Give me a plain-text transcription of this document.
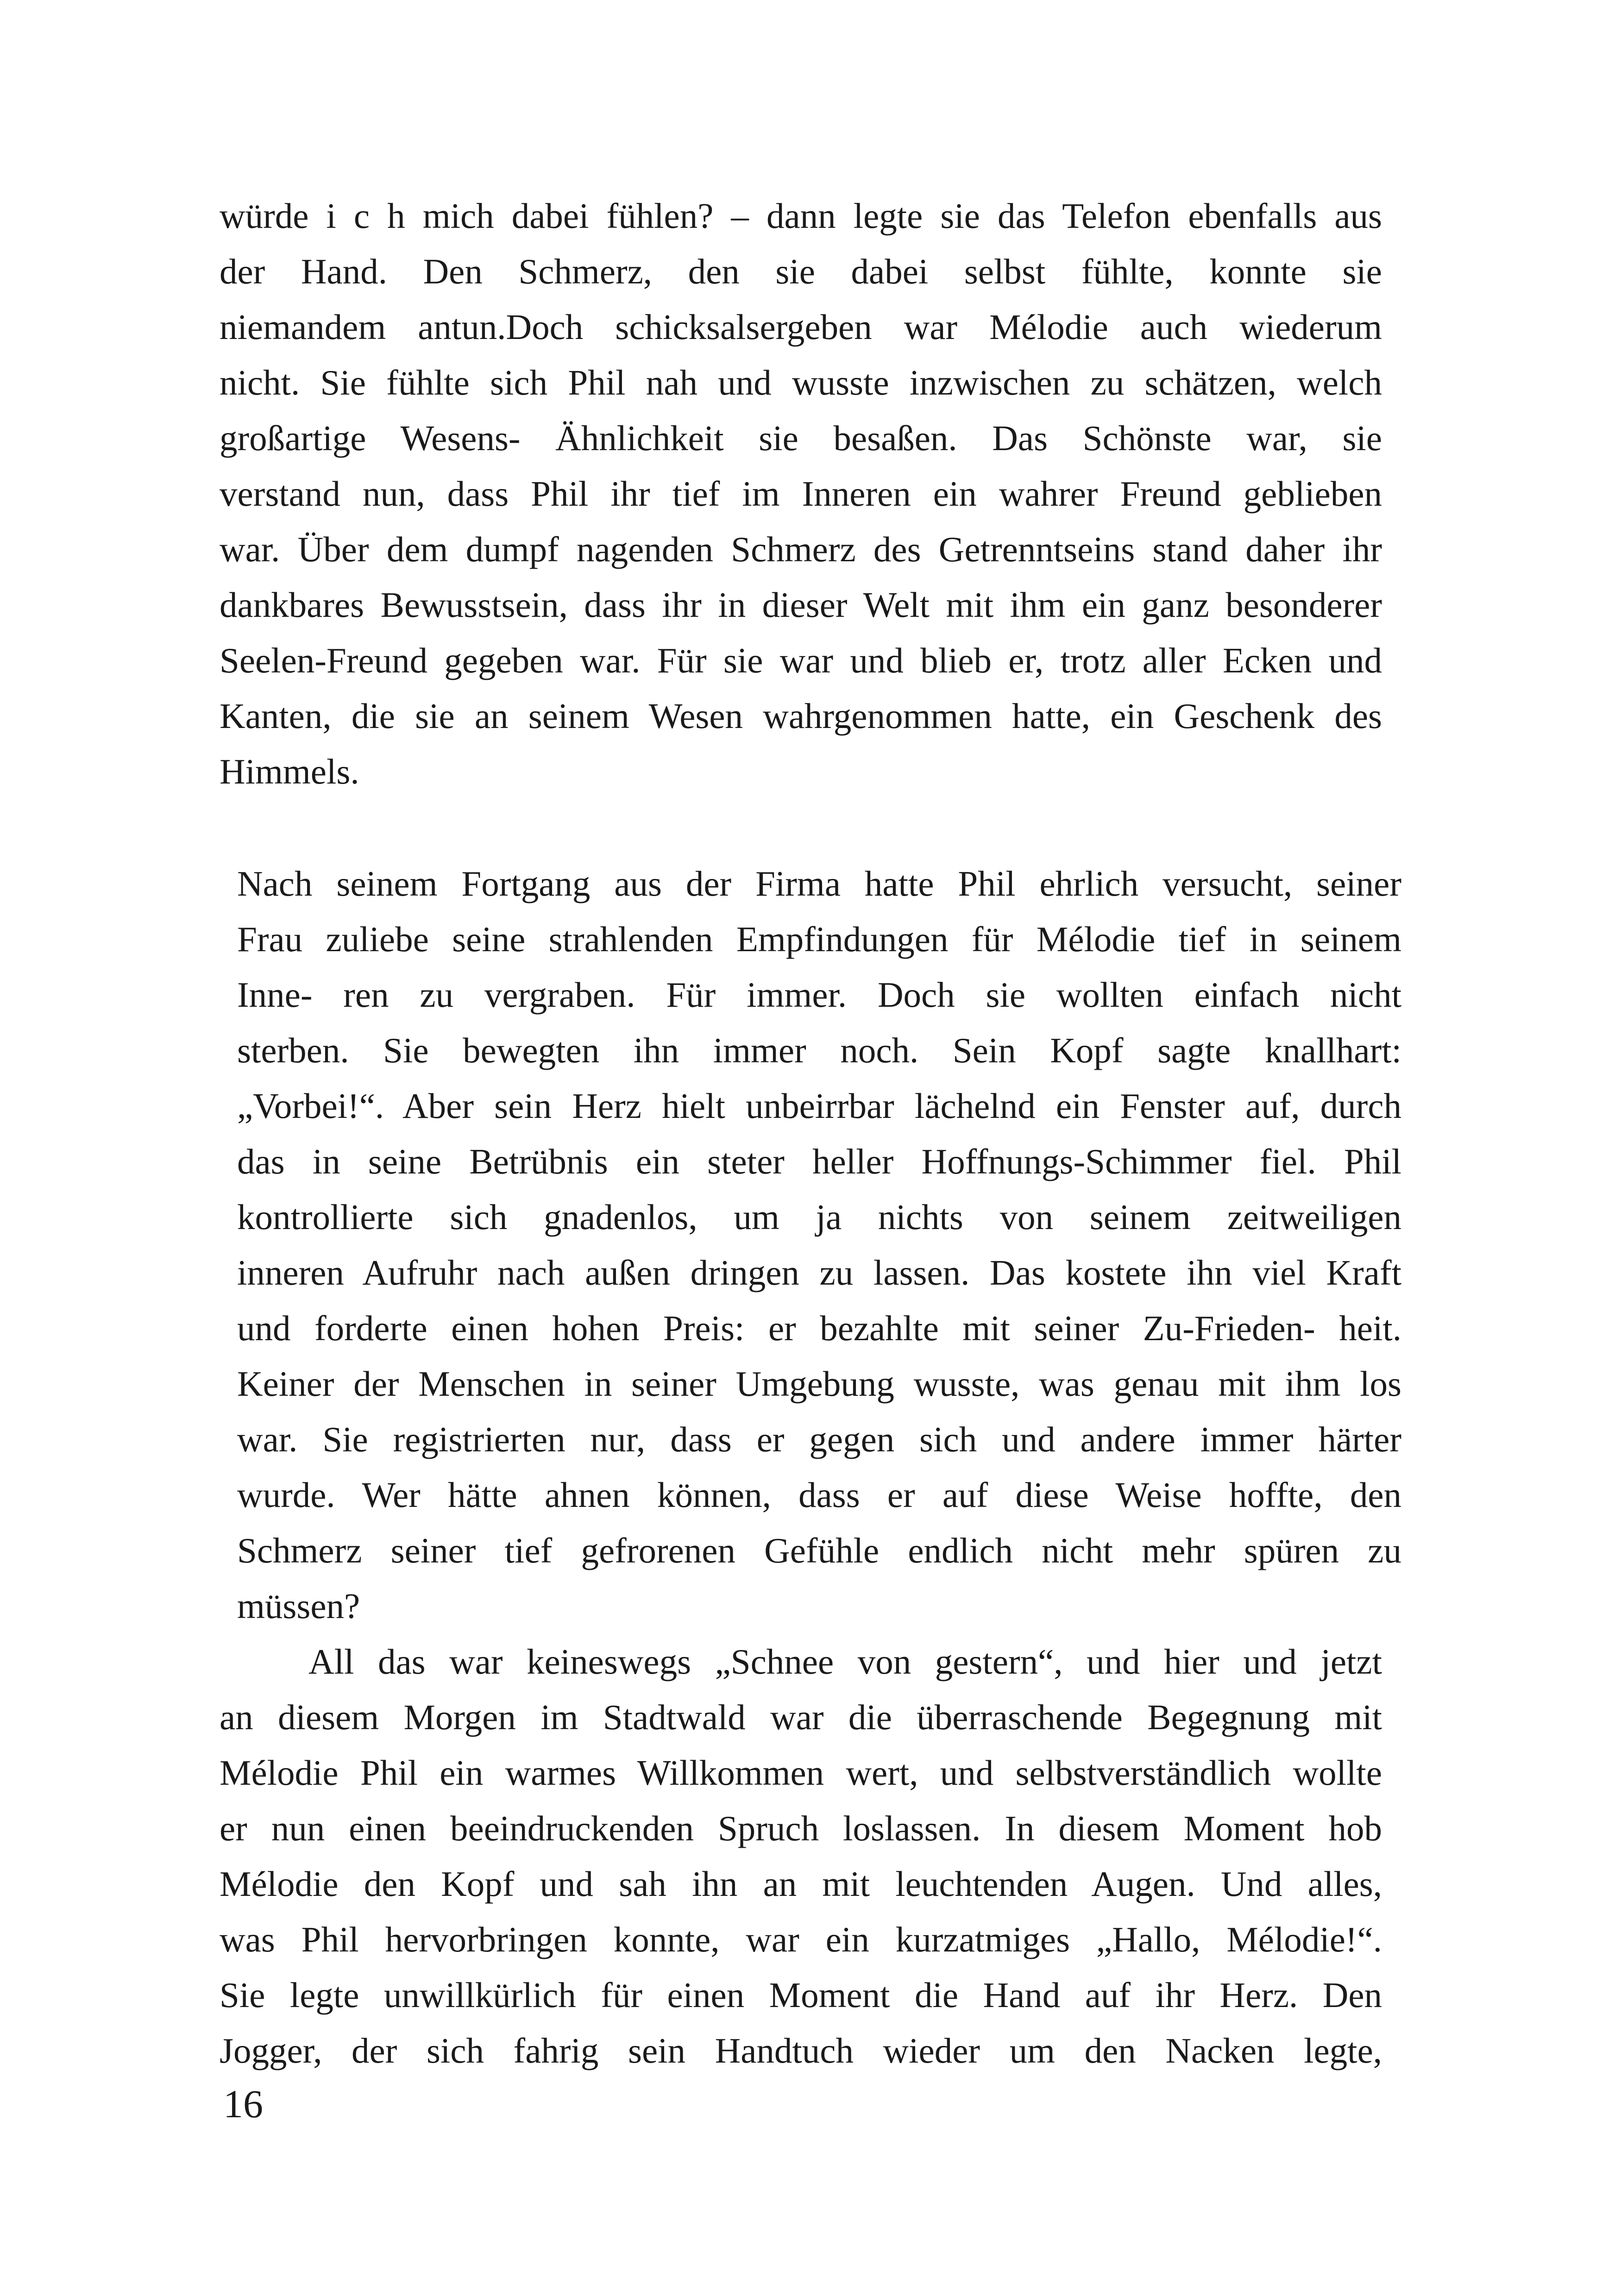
würde i c h mich dabei fühlen? – dann legte sie das Telefon ebenfalls aus

der Hand. Den Schmerz, den sie dabei selbst fühlte, konnte sie

niemandem antun.Doch schicksalsergeben war Mélodie auch wiederum

nicht. Sie fühlte sich Phil nah und wusste inzwischen zu schätzen, welch

großartige Wesens- Ähnlichkeit sie besaßen. Das Schönste war, sie

verstand nun, dass Phil ihr tief im Inneren ein wahrer Freund geblieben

war. Über dem dumpf nagenden Schmerz des Getrenntseins stand daher ihr

dankbares Bewusstsein, dass ihr in dieser Welt mit ihm ein ganz besonderer

Seelen-Freund gegeben war. Für sie war und blieb er, trotz aller Ecken und

Kanten, die sie an seinem Wesen wahrgenommen hatte, ein Geschenk des

Himmels.

Nach seinem Fortgang aus der Firma hatte Phil ehrlich versucht, seiner

Frau zuliebe seine strahlenden Empfindungen für Mélodie tief in seinem

Inne- ren zu vergraben. Für immer. Doch sie wollten einfach nicht

sterben. Sie bewegten ihn immer noch. Sein Kopf sagte knallhart:

„Vorbei!“. Aber sein Herz hielt unbeirrbar lächelnd ein Fenster auf, durch

das in seine Betrübnis ein steter heller Hoffnungs-Schimmer fiel. Phil

kontrollierte sich gnadenlos, um ja nichts von seinem zeitweiligen

inneren Aufruhr nach außen dringen zu lassen. Das kostete ihn viel Kraft

und forderte einen hohen Preis: er bezahlte mit seiner Zu-Frieden- heit.

Keiner der Menschen in seiner Umgebung wusste, was genau mit ihm los

war. Sie registrierten nur, dass er gegen sich und andere immer härter

wurde. Wer hätte ahnen können, dass er auf diese Weise hoffte, den

Schmerz seiner tief gefrorenen Gefühle endlich nicht mehr spüren zu

müssen?

All das war keineswegs „Schnee von gestern“, und hier und jetzt

an diesem Morgen im Stadtwald war die überraschende Begegnung mit

Mélodie Phil ein warmes Willkommen wert, und selbstverständlich wollte

er nun einen beeindruckenden Spruch loslassen. In diesem Moment hob

Mélodie den Kopf und sah ihn an mit leuchtenden Augen. Und alles,

was Phil hervorbringen konnte, war ein kurzatmiges „Hallo, Mélodie!“.

Sie legte unwillkürlich für einen Moment die Hand auf ihr Herz. Den

Jogger, der sich fahrig sein Handtuch wieder um den Nacken legte,

16
